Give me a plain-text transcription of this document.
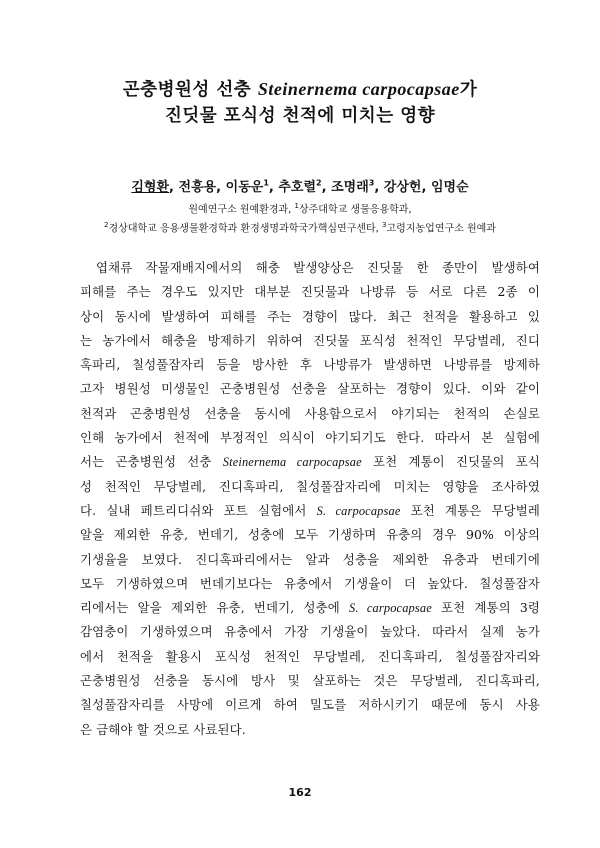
곤충병원성 선충 Steinernema carpocapsae가
진딧물 포식성 천적에 미치는 영향
김형환, 전흥용, 이동운$^1$, 추호렬$^2$, 조명래$^3$, 강상헌, 임명순
원예연구소 원예환경과, $^1$상주대학교 생물응용학과,
$^2$경상대학교 응용생물환경학과 환경생명과학국가핵심연구센타, $^3$고령지농업연구소 원예과
엽채류 작물재배지에서의 해충 발생양상은 진딧물 한 종만이 발생하여
피해를 주는 경우도 있지만 대부분 진딧물과 나방류 등 서로 다른 2종 이
상이 동시에 발생하여 피해를 주는 경향이 많다. 최근 천적을 활용하고 있
는 농가에서 해충을 방제하기 위하여 진딧물 포식성 천적인 무당벌레, 진디
혹파리, 칠성풀잠자리 등을 방사한 후 나방류가 발생하면 나방류를 방제하
고자 병원성 미생물인 곤충병원성 선충을 살포하는 경향이 있다. 이와 같이
천적과 곤충병원성 선충을 동시에 사용함으로서 야기되는 천적의 손실로
인해 농가에서 천적에 부정적인 의식이 야기되기도 한다. 따라서 본 실험에
서는 곤충병원성 선충 Steinernema carpocapsae 포천 계통이 진딧물의 포식
성 천적인 무당벌레, 진디혹파리, 칠성풀잠자리에 미치는 영향을 조사하였
다. 실내 페트리디쉬와 포트 실험에서 S. carpocapsae 포천 계통은 무당벌레
알을 제외한 유충, 번데기, 성충에 모두 기생하며 유충의 경우 90% 이상의
기생율을 보였다. 진디혹파리에서는 알과 성충을 제외한 유충과 번데기에
모두 기생하였으며 번데기보다는 유충에서 기생율이 더 높았다. 칠성풀잠자
리에서는 알을 제외한 유충, 번데기, 성충에 S. carpocapsae 포천 계통의 3령
감염충이 기생하였으며 유충에서 가장 기생율이 높았다. 따라서 실제 농가
에서 천적을 활용시 포식성 천적인 무당벌레, 진디혹파리, 칠성풀잠자리와
곤충병원성 선충을 동시에 방사 및 살포하는 것은 무당벌레, 진디혹파리,
칠성풀잠자리를 사망에 이르게 하여 밀도를 저하시키기 때문에 동시 사용
은 금해야 할 것으로 사료된다.
162
